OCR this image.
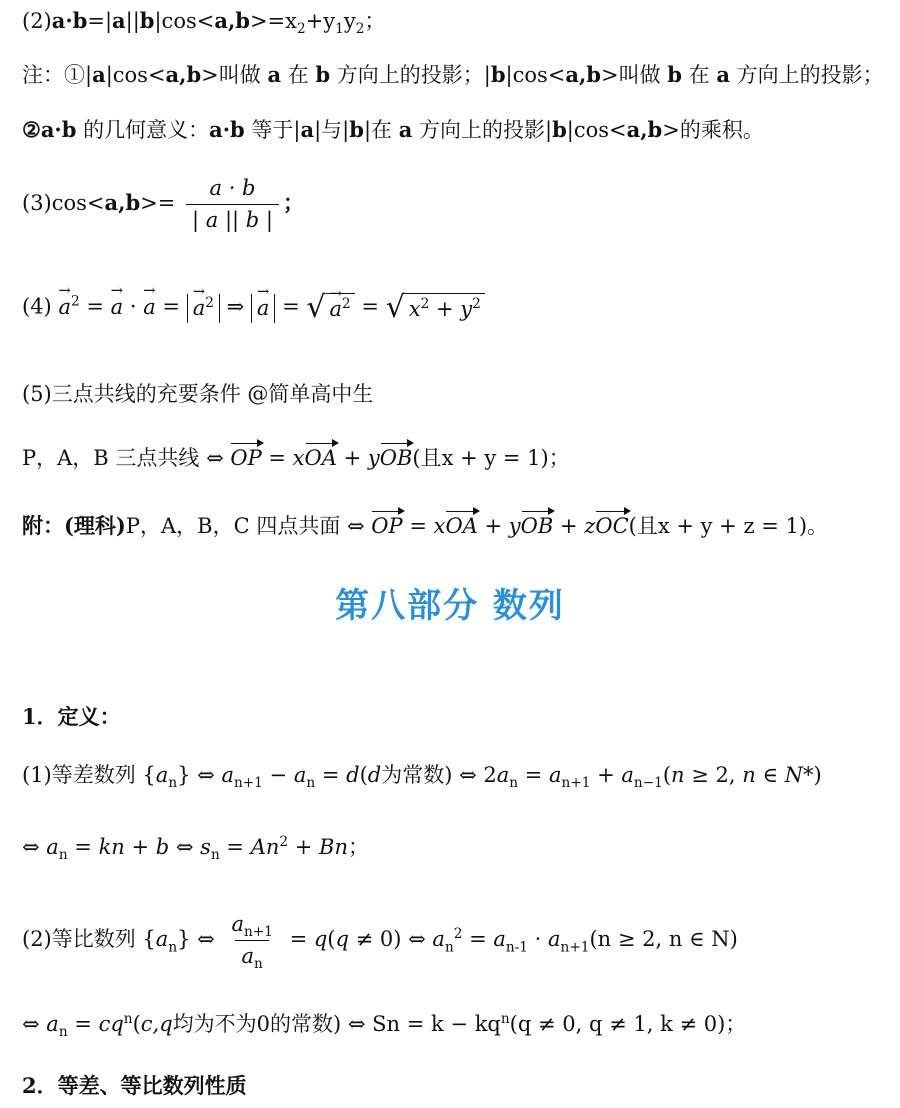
$(2)a\cdot b=|a||b|\cos<a,b>=x_2+y_1y_2$；
注：①|a|cos<a,b>叫做 a 在 b 方向上的投影；|b|cos<a,b>叫做 b 在 a 方向上的投影；
②a·b 的几何意义：a·b 等于|a|与|b|在 a 方向上的投影|b|cos<a,b>的乘积。
$(3)\cos<a,b>= \frac{a \cdot b}{| a || b |}$ ；
$(4) \to a^2$ = → a · → a = → $a^2$ ⇒ → a = √ → $a^2$ = √ $x^2 + y^2$
(5)三点共线的充要条件 @简单高中生
P，A，B 三点共线 ⇔ OP = xOA + yOB(且x + y = 1)；
附：(理科)P，A，B，C 四点共面 ⇔ OP = xOA + yOB + zOC(且x + y + z = 1)。
第八部分 数列
1．定义：
(1)等差数列 $\{a_n\}$ ⇔ $a_{n+1} - a_n = d(d$为常数) ⇔ $2a_n = a_{n+1} + a_{n-1}(n \ge 2$, n ∈ N*)
⇔ $a_n$ = kn + b ⇔ $s_n = An^2 + Bn$；
(2)等比数列 $\{a_n\}$ ⇔ $\frac{a_{n+1}}{a_n} = q(q \ne 0)$ ⇔ $a_n^2 = a_{n-1} \cdot a_{n+1}(n \ge 2$, n ∈ N)
⇔ $a_n = cq^n(c,q$均为不为0的常数) ⇔ $Sn = k - kq^n(q \ne 0$, q ≠ 1, k ≠ 0)；
2．等差、等比数列性质
